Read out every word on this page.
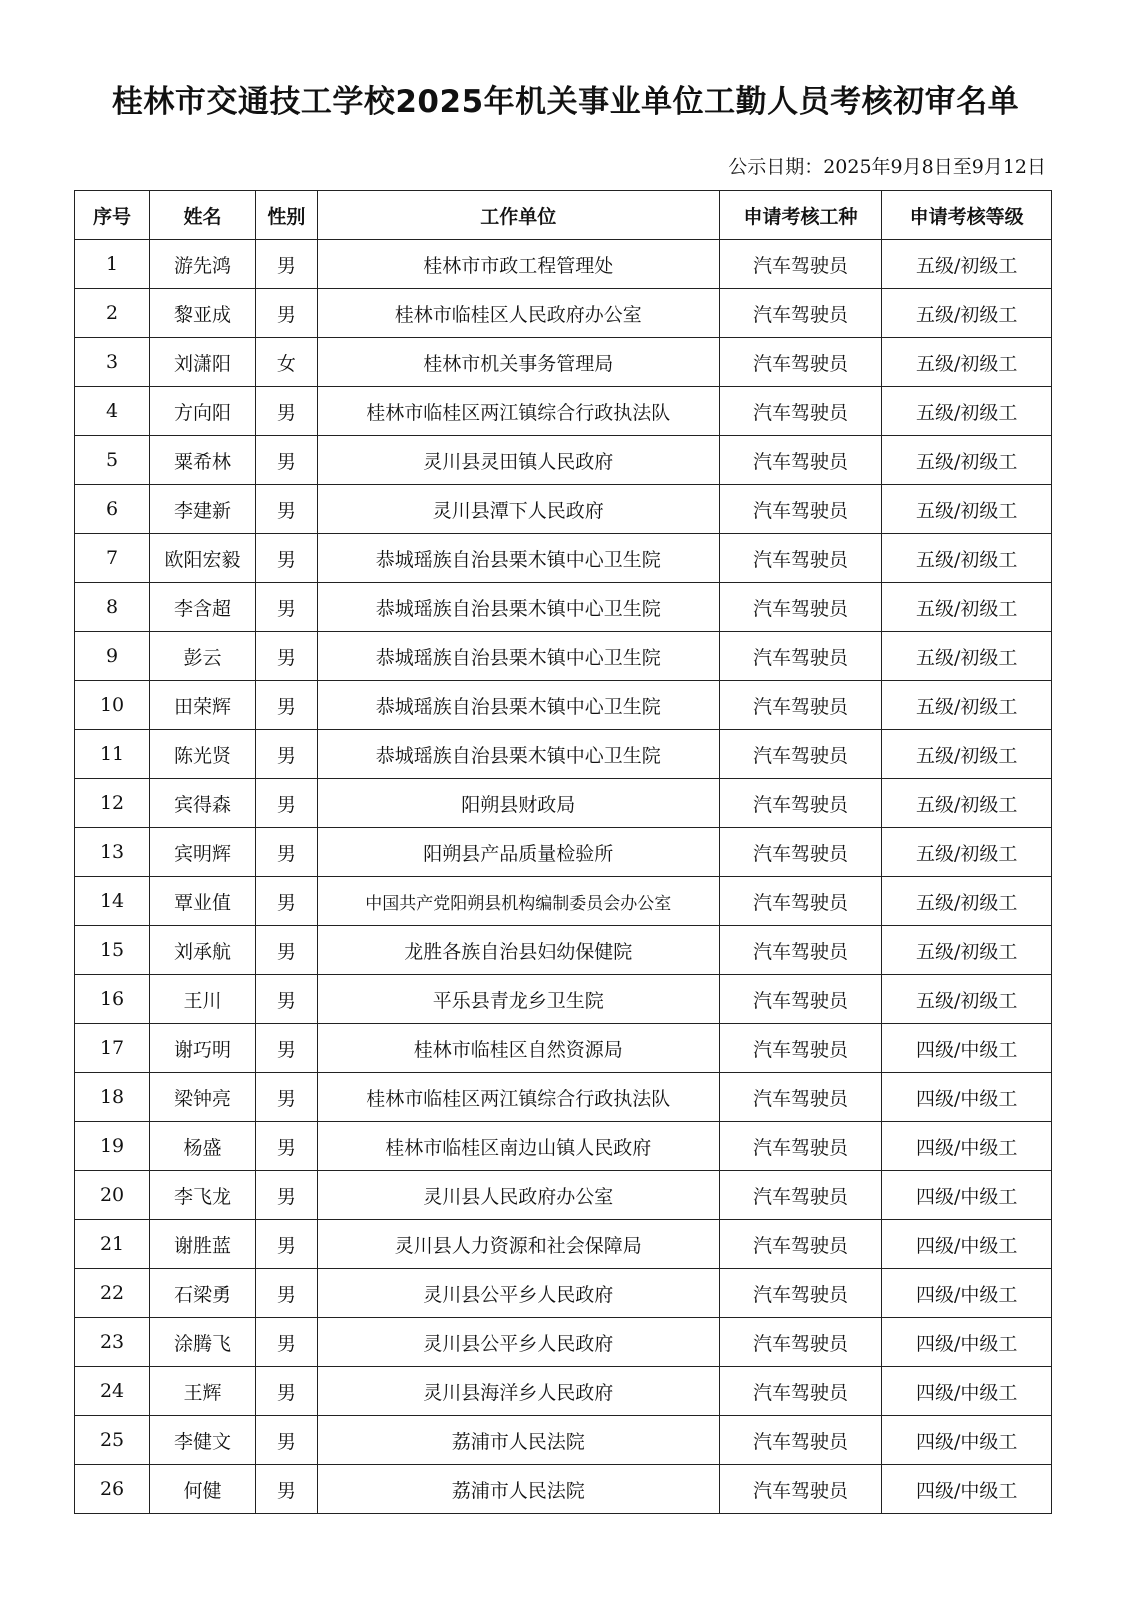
桂林市交通技工学校2025年机关事业单位工勤人员考核初审名单
公示日期：2025年9月8日至9月12日
序号	姓名	性别	工作单位	申请考核工种	申请考核等级
1	游先鸿	男	桂林市市政工程管理处	汽车驾驶员	五级/初级工
2	黎亚成	男	桂林市临桂区人民政府办公室	汽车驾驶员	五级/初级工
3	刘潇阳	女	桂林市机关事务管理局	汽车驾驶员	五级/初级工
4	方向阳	男	桂林市临桂区两江镇综合行政执法队	汽车驾驶员	五级/初级工
5	粟希林	男	灵川县灵田镇人民政府	汽车驾驶员	五级/初级工
6	李建新	男	灵川县潭下人民政府	汽车驾驶员	五级/初级工
7	欧阳宏毅	男	恭城瑶族自治县栗木镇中心卫生院	汽车驾驶员	五级/初级工
8	李含超	男	恭城瑶族自治县栗木镇中心卫生院	汽车驾驶员	五级/初级工
9	彭云	男	恭城瑶族自治县栗木镇中心卫生院	汽车驾驶员	五级/初级工
10	田荣辉	男	恭城瑶族自治县栗木镇中心卫生院	汽车驾驶员	五级/初级工
11	陈光贤	男	恭城瑶族自治县栗木镇中心卫生院	汽车驾驶员	五级/初级工
12	宾得森	男	阳朔县财政局	汽车驾驶员	五级/初级工
13	宾明辉	男	阳朔县产品质量检验所	汽车驾驶员	五级/初级工
14	覃业值	男	中国共产党阳朔县机构编制委员会办公室	汽车驾驶员	五级/初级工
15	刘承航	男	龙胜各族自治县妇幼保健院	汽车驾驶员	五级/初级工
16	王川	男	平乐县青龙乡卫生院	汽车驾驶员	五级/初级工
17	谢巧明	男	桂林市临桂区自然资源局	汽车驾驶员	四级/中级工
18	梁钟亮	男	桂林市临桂区两江镇综合行政执法队	汽车驾驶员	四级/中级工
19	杨盛	男	桂林市临桂区南边山镇人民政府	汽车驾驶员	四级/中级工
20	李飞龙	男	灵川县人民政府办公室	汽车驾驶员	四级/中级工
21	谢胜蓝	男	灵川县人力资源和社会保障局	汽车驾驶员	四级/中级工
22	石梁勇	男	灵川县公平乡人民政府	汽车驾驶员	四级/中级工
23	涂腾飞	男	灵川县公平乡人民政府	汽车驾驶员	四级/中级工
24	王辉	男	灵川县海洋乡人民政府	汽车驾驶员	四级/中级工
25	李健文	男	荔浦市人民法院	汽车驾驶员	四级/中级工
26	何健	男	荔浦市人民法院	汽车驾驶员	四级/中级工
